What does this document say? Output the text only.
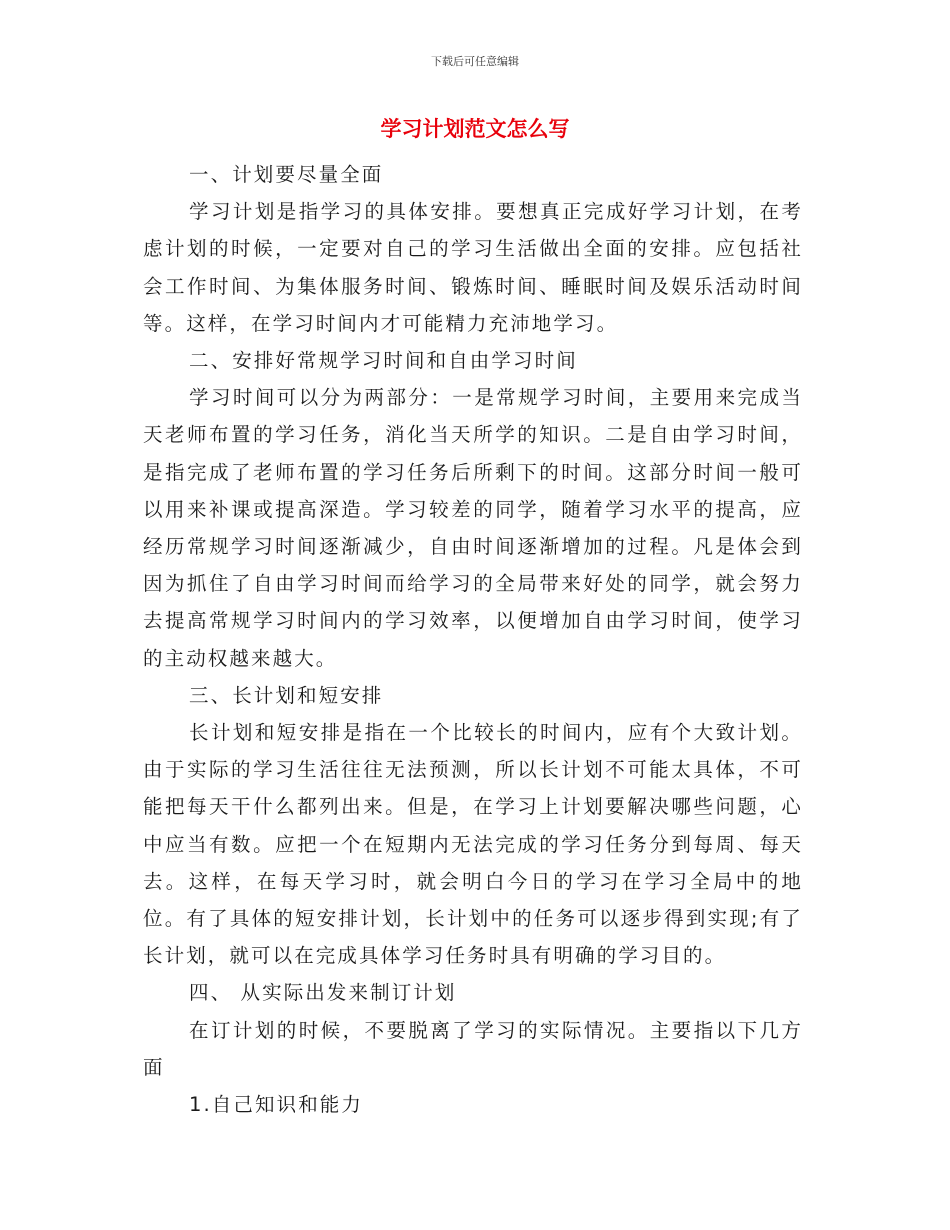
下载后可任意编辑
学习计划范文怎么写

一、计划要尽量全面

学习计划是指学习的具体安排。要想真正完成好学习计划，在考虑计划的时候，一定要对自己的学习生活做出全面的安排。应包括社会工作时间、为集体服务时间、锻炼时间、睡眠时间及娱乐活动时间等。这样，在学习时间内才可能精力充沛地学习。

二、安排好常规学习时间和自由学习时间

学习时间可以分为两部分：一是常规学习时间，主要用来完成当天老师布置的学习任务，消化当天所学的知识。二是自由学习时间，是指完成了老师布置的学习任务后所剩下的时间。这部分时间一般可以用来补课或提高深造。学习较差的同学，随着学习水平的提高，应经历常规学习时间逐渐减少，自由时间逐渐增加的过程。凡是体会到因为抓住了自由学习时间而给学习的全局带来好处的同学，就会努力去提高常规学习时间内的学习效率，以便增加自由学习时间，使学习的主动权越来越大。

三、长计划和短安排

长计划和短安排是指在一个比较长的时间内，应有个大致计划。由于实际的学习生活往往无法预测，所以长计划不可能太具体，不可能把每天干什么都列出来。但是，在学习上计划要解决哪些问题，心中应当有数。应把一个在短期内无法完成的学习任务分到每周、每天去。这样，在每天学习时，就会明白今日的学习在学习全局中的地位。有了具体的短安排计划，长计划中的任务可以逐步得到实现;有了长计划，就可以在完成具体学习任务时具有明确的学习目的。

四、 从实际出发来制订计划

在订计划的时候，不要脱离了学习的实际情况。主要指以下几方面

1.自己知识和能力
